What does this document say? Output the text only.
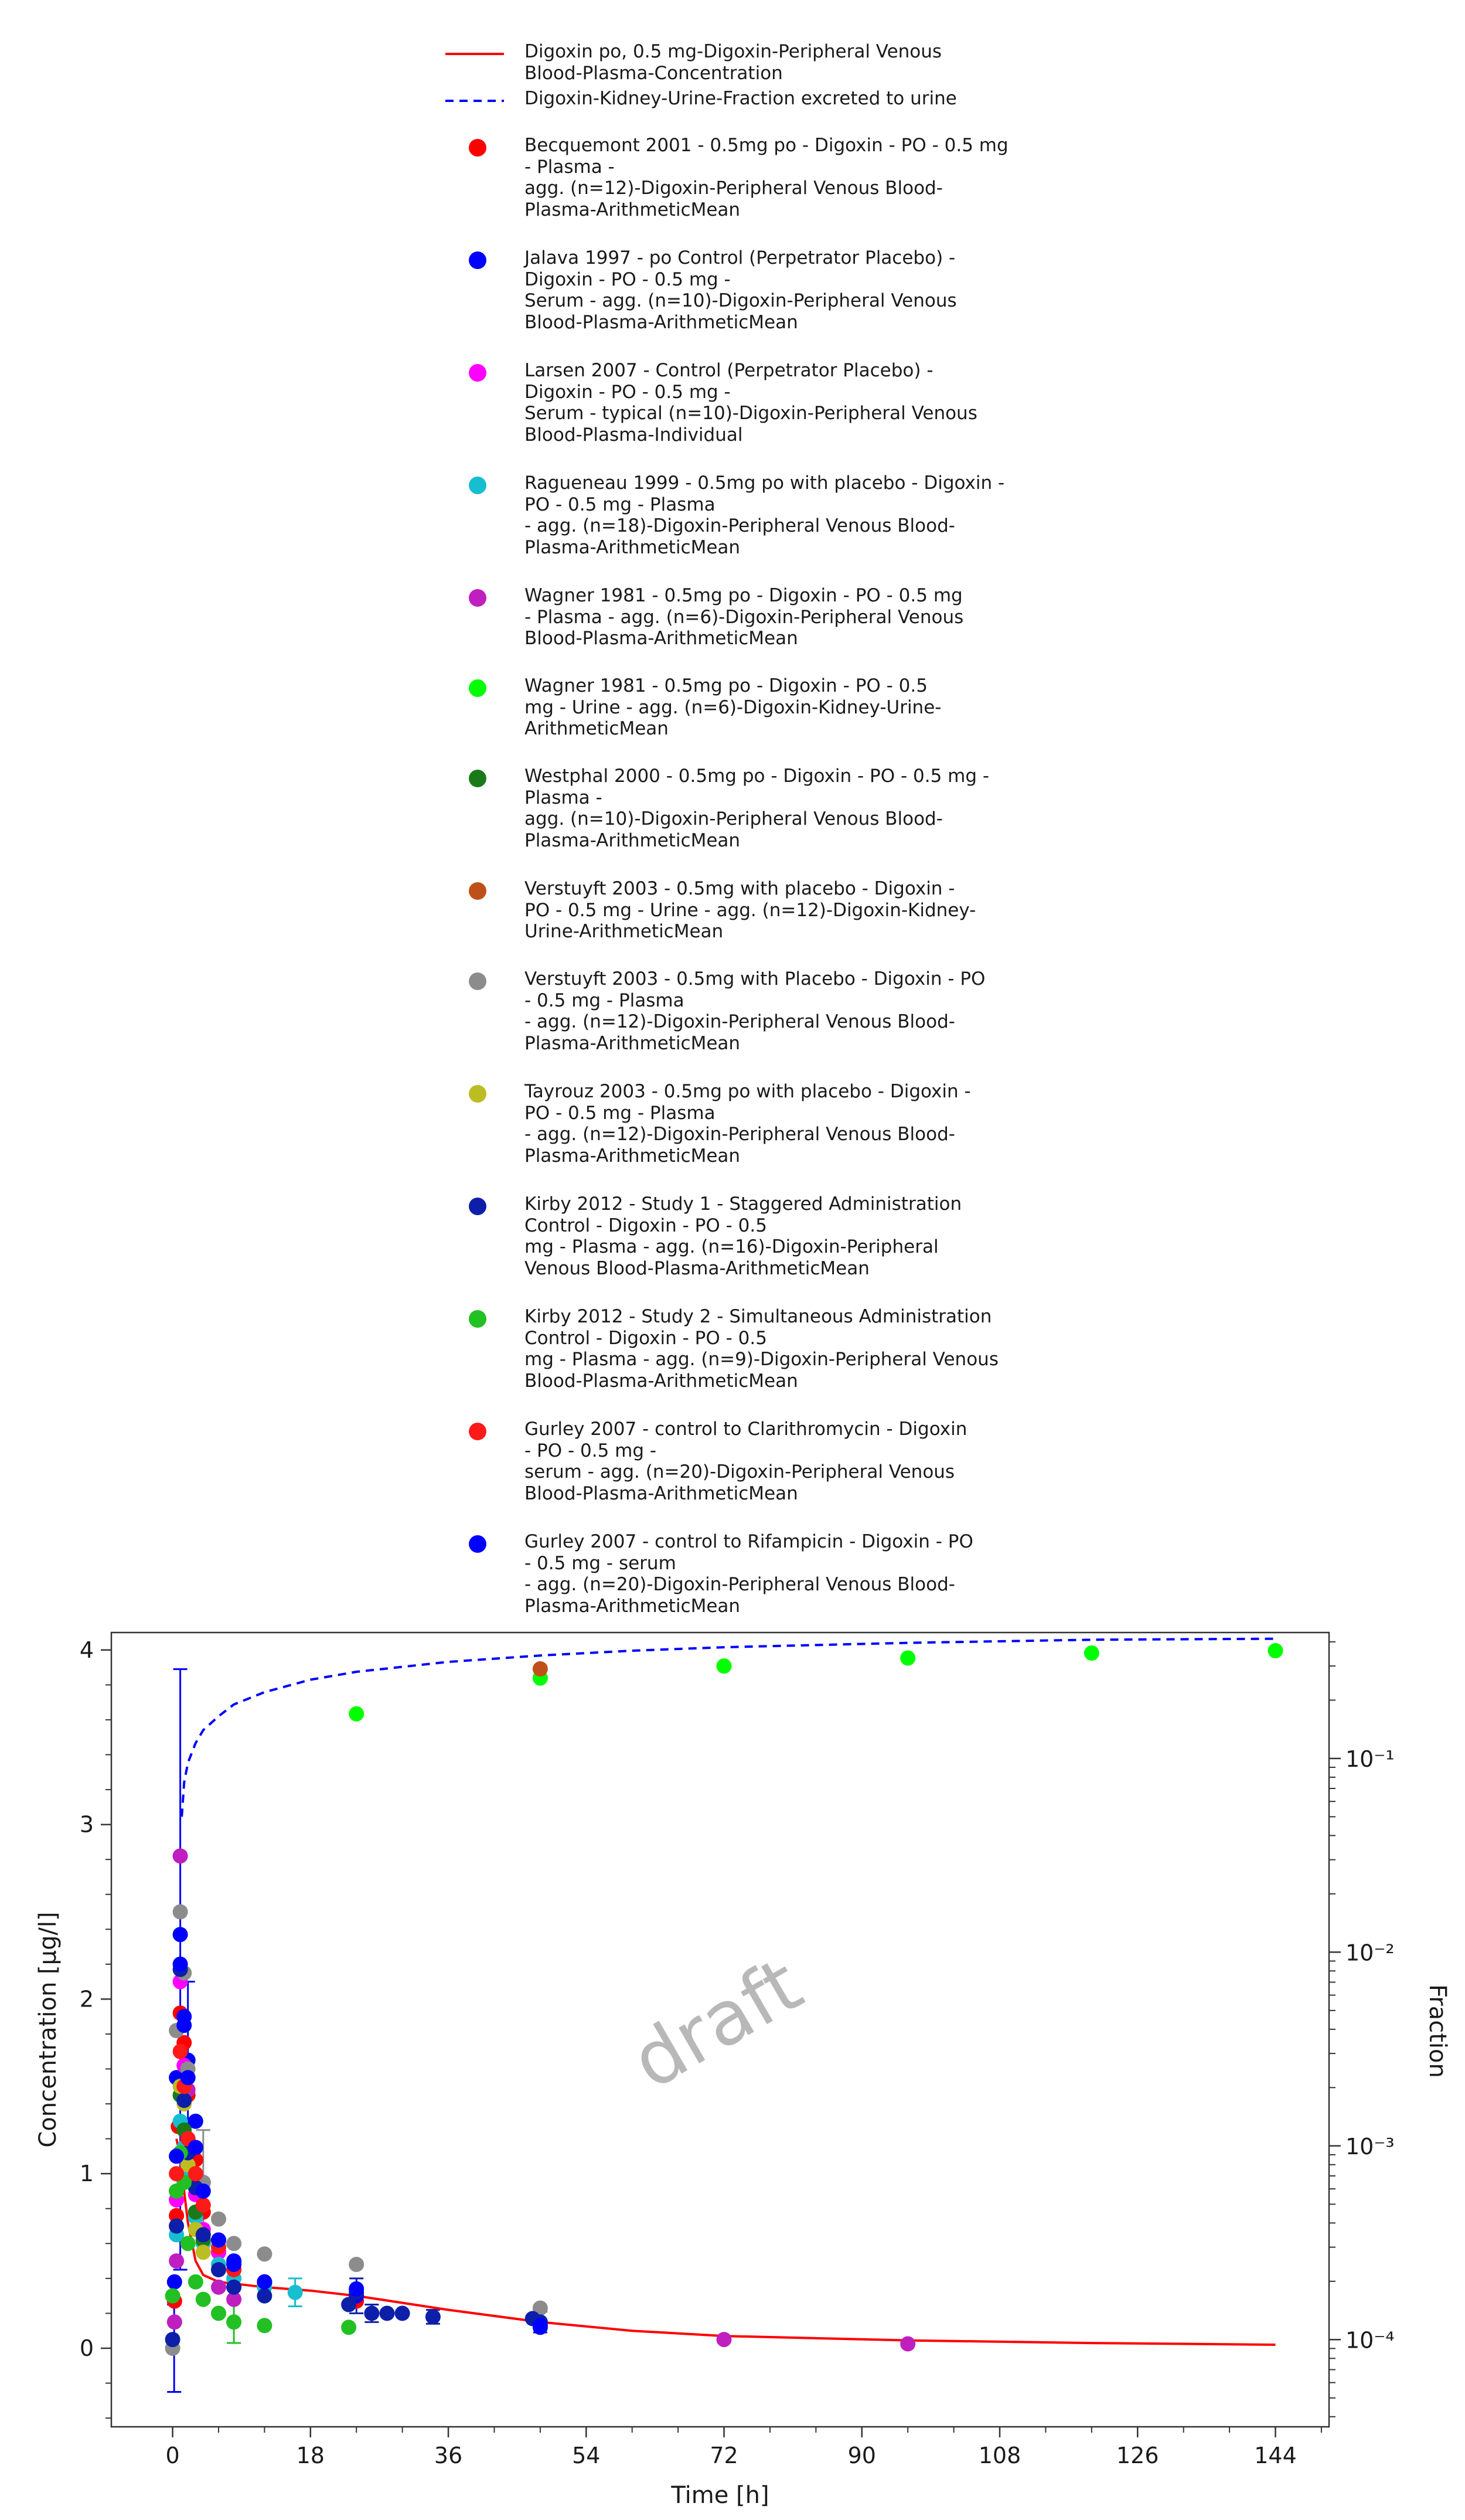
Digoxin po, 0.5 mg-Digoxin-Peripheral Venous
Blood-Plasma-Concentration
Digoxin-Kidney-Urine-Fraction excreted to urine
Becquemont 2001 - 0.5mg po - Digoxin - PO - 0.5 mg
- Plasma -
agg. (n=12)-Digoxin-Peripheral Venous Blood-
Plasma-ArithmeticMean
Jalava 1997 - po Control (Perpetrator Placebo) -
Digoxin - PO - 0.5 mg -
Serum - agg. (n=10)-Digoxin-Peripheral Venous
Blood-Plasma-ArithmeticMean
Larsen 2007 - Control (Perpetrator Placebo) -
Digoxin - PO - 0.5 mg -
Serum - typical (n=10)-Digoxin-Peripheral Venous
Blood-Plasma-Individual
Ragueneau 1999 - 0.5mg po with placebo - Digoxin -
PO - 0.5 mg - Plasma
- agg. (n=18)-Digoxin-Peripheral Venous Blood-
Plasma-ArithmeticMean
Wagner 1981 - 0.5mg po - Digoxin - PO - 0.5 mg
- Plasma - agg. (n=6)-Digoxin-Peripheral Venous
Blood-Plasma-ArithmeticMean
Wagner 1981 - 0.5mg po - Digoxin - PO - 0.5
mg - Urine - agg. (n=6)-Digoxin-Kidney-Urine-
ArithmeticMean
Westphal 2000 - 0.5mg po - Digoxin - PO - 0.5 mg -
Plasma -
agg. (n=10)-Digoxin-Peripheral Venous Blood-
Plasma-ArithmeticMean
Verstuyft 2003 - 0.5mg with placebo - Digoxin -
PO - 0.5 mg - Urine - agg. (n=12)-Digoxin-Kidney-
Urine-ArithmeticMean
Verstuyft 2003 - 0.5mg with Placebo - Digoxin - PO
- 0.5 mg - Plasma
- agg. (n=12)-Digoxin-Peripheral Venous Blood-
Plasma-ArithmeticMean
Tayrouz 2003 - 0.5mg po with placebo - Digoxin -
PO - 0.5 mg - Plasma
- agg. (n=12)-Digoxin-Peripheral Venous Blood-
Plasma-ArithmeticMean
Kirby 2012 - Study 1 - Staggered Administration
Control - Digoxin - PO - 0.5
mg - Plasma - agg. (n=16)-Digoxin-Peripheral
Venous Blood-Plasma-ArithmeticMean
Kirby 2012 - Study 2 - Simultaneous Administration
Control - Digoxin - PO - 0.5
mg - Plasma - agg. (n=9)-Digoxin-Peripheral Venous
Blood-Plasma-ArithmeticMean
Gurley 2007 - control to Clarithromycin - Digoxin
- PO - 0.5 mg -
serum - agg. (n=20)-Digoxin-Peripheral Venous
Blood-Plasma-ArithmeticMean
Gurley 2007 - control to Rifampicin - Digoxin - PO
- 0.5 mg - serum
- agg. (n=20)-Digoxin-Peripheral Venous Blood-
Plasma-ArithmeticMean
0	18	36	54	72	90	108	126	144
0
1
2
3
4
10⁻⁴
10⁻³
10⁻²
10⁻¹
Time [h]
Concentration [µg/l]	Fraction
draft
